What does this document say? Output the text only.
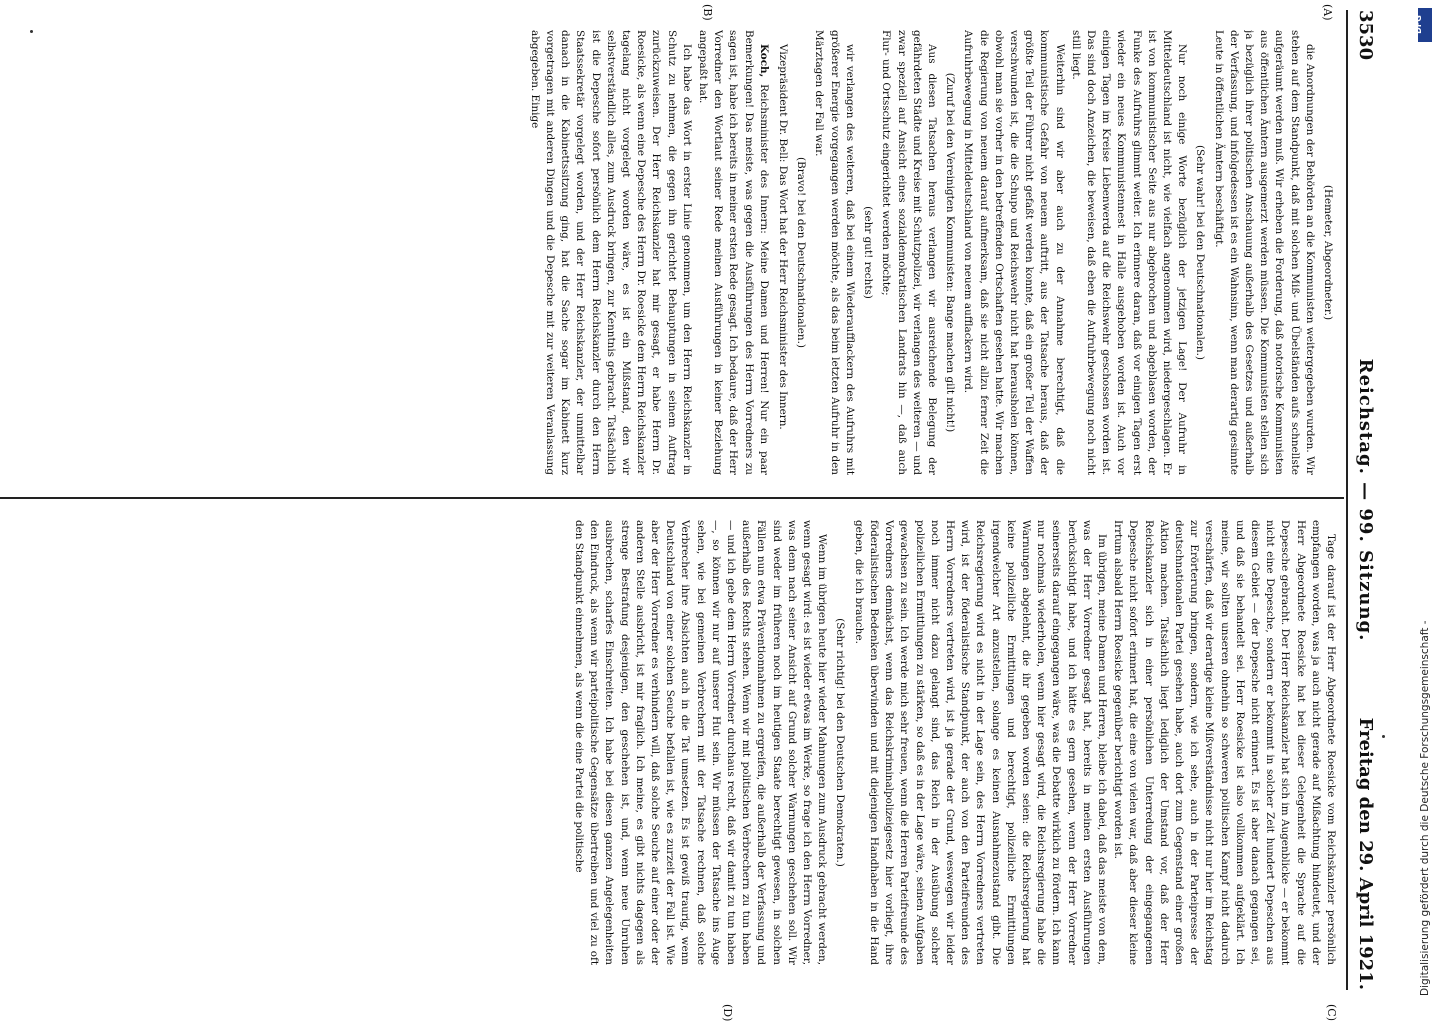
3530
Reichstag. — 99. Sitzung.
Freitag den 29. April 1921.
(A)
(B)
(C)
(D)

(Hemeter, Abgeordneter.)

die Anordnungen der Behörden an die Kommunisten weitergegeben wurden. Wir stehen auf dem Standpunkt, daß mit solchen Miß- und Übelständen aufs schnellste aufgeräumt werden muß. Wir erheben die Forderung, daß notorische Kommunisten aus öffentlichen Ämtern ausgemerzt werden müssen. Die Kommunisten stellen sich ja bezüglich ihrer politischen Anschauung außerhalb des Gesetzes und außerhalb der Verfassung, und infolgedessen ist es ein Wahnsinn, wenn man derartig gesinnte Leute in öffentlichen Ämtern beschäftigt.

(Sehr wahr! bei den Deutschnationalen.)

Nur noch einige Worte bezüglich der jetzigen Lage! Der Aufruhr in Mitteldeutschland ist nicht, wie vielfach angenommen wird, niedergeschlagen. Er ist von kommunistischer Seite aus nur abgebrochen und abgeblasen worden, der Funke des Aufruhrs glimmt weiter. Ich erinnere daran, daß vor einigen Tagen erst wieder ein neues Kommunistennest in Halle ausgehoben worden ist. Auch vor einigen Tagen im Kreise Liebenwerda auf die Reichswehr geschossen worden ist. Das sind doch Anzeichen, die beweisen, daß eben die Aufruhrbewegung noch nicht still liegt.

Weiterhin sind wir aber auch zu der Annahme berechtigt, daß die kommunistische Gefahr von neuem auftritt, aus der Tatsache heraus, daß der größte Teil der Führer nicht gefaßt werden konnte, daß ein großer Teil der Waffen verschwunden ist, die die Schupo und Reichswehr nicht hat herausholen können, obwohl man sie vorher in den betreffenden Ortschaften gesehen hatte. Wir machen die Regierung von neuem darauf aufmerksam, daß sie nicht allzu ferner Zeit die Aufruhrbewegung in Mitteldeutschland von neuem aufflackern wird.

(Zuruf bei den Vereinigten Kommunisten: Bange machen gilt nicht!)

Aus diesen Tatsachen heraus verlangen wir ausreichende Belegung der gefährdeten Städte und Kreise mit Schutzpolizei, wir verlangen des weiteren — und zwar speziell auf Ansicht eines sozialdemokratischen Landrats hin —, daß auch Flur- und Ortsschutz eingerichtet werden möchte;

(sehr gut! rechts)

wir verlangen des weiteren, daß bei einem Wiederaufflackern des Aufruhrs mit größerer Energie vorgegangen werden möchte, als das beim letzten Aufruhr in den Märztagen der Fall war.

(Bravo! bei den Deutschnationalen.)

Vizepräsident Dr. Bell: Das Wort hat der Herr Reichsminister des Innern.

Koch, Reichsminister des Innern: Meine Damen und Herren! Nur ein paar Bemerkungen! Das meiste, was gegen die Ausführungen des Herrn Vorredners zu sagen ist, habe ich bereits in meiner ersten Rede gesagt. Ich bedaure, daß der Herr Vorredner den Wortlaut seiner Rede meinen Ausführungen in keiner Beziehung angepaßt hat.

Ich habe das Wort in erster Linie genommen, um den Herrn Reichskanzler in Schutz zu nehmen, die gegen ihn gerichtet Behauptungen in seinem Auftrag zurückzuweisen. Der Herr Reichskanzler hat mir gesagt, er habe Herrn Dr. Roesicke, als wenn eine Depesche des Herrn Dr. Roesicke dem Herrn Reichskanzler tagelang nicht vorgelegt worden wäre, es ist ein Mißstand, den wir selbstverständlich alles, zum Ausdruck bringen, zur Kenntnis gebracht. Tatsächlich ist die Depesche sofort persönlich dem Herrn Reichskanzler durch den Herrn Staatssekretär vorgelegt worden, und der Herr Reichskanzler, der unmittelbar danach in die Kabinettssitzung ging, hat die Sache sogar im Kabinett kurz vorgetragen mit anderen Dingen und die Depesche mit zur weiteren Veranlassung abgegeben. Einige

Tage darauf ist der Herr Abgeordnete Roesicke vom Reichskanzler persönlich empfangen worden, was ja auch nicht gerade auf Mißachtung hindeutet, und der Herr Abgeordnete Roesicke hat bei dieser Gelegenheit die Sprache auf die Depesche gebracht. Der Herr Reichskanzler hat sich im Augenblicke — er bekommt nicht eine Depesche, sondern er bekommt in solcher Zeit hundert Depeschen aus diesem Gebiet — der Depesche nicht erinnert. Es ist aber danach gegangen sei, und daß sie behandelt sei. Herr Roesicke ist also vollkommen aufgeklärt. Ich meine, wir sollten unseren ohnehin so schweren politischen Kampf nicht dadurch verschärfen, daß wir derartige kleine Mißverständnisse nicht nur hier im Reichstag zur Erörterung bringen, sondern, wie ich sehe, auch in der Parteipresse der deutschnationalen Partei gesehen habe, auch dort zum Gegenstand einer großen Aktion machen. Tatsächlich liegt lediglich der Umstand vor, daß der Herr Reichskanzler sich in einer persönlichen Unterredung der eingegangenen Depesche nicht sofort erinnert hat, die eine von vielen war, daß aber dieser kleine Irrtum alsbald Herrn Roesicke gegenüber berichtigt worden ist.

Im übrigen, meine Damen und Herren, bleibe ich dabei, daß das meiste von dem, was der Herr Vorredner gesagt hat, bereits in meinen ersten Ausführungen berücksichtigt habe, und ich hätte es gern gesehen, wenn der Herr Vorredner seinerseits darauf eingegangen wäre, was die Debatte wirklich zu fördern. Ich kann nur nochmals wiederholen, wenn hier gesagt wird, die Reichsregierung habe die Warnungen abgelehnt, die ihr gegeben worden seien: die Reichsregierung hat keine polizeiliche Ermittlungen und berechtigt, polizeiliche Ermittlungen irgendwelcher Art anzustellen, solange es keinen Ausnahmezustand gibt. Die Reichsregierung wird es nicht in der Lage sein, des Herrn Vorredners vertreten wird, ist der föderalistische Standpunkt, der auch von den Parteifreunden des Herrn Vorredners vertreten wird, ist ja gerade der Grund, weswegen wir leider noch immer nicht dazu gelangt sind, das Reich in der Ausübung solcher polizeilichen Ermittlungen zu stärken, so daß es in der Lage wäre, seinen Aufgaben gewachsen zu sein. Ich werde mich sehr freuen, wenn die Herren Parteifreunde des Vorredners demnächst, wenn das Reichskriminalpolizeigesetz hier vorliegt, ihre föderalistischen Bedenken überwinden und mit diejenigen Handhaben in die Hand geben, die ich brauche.

(Sehr richtig! bei den Deutschen Demokraten.)

Wenn im übrigen heute hier wieder Mahnungen zum Ausdruck gebracht werden, wenn gesagt wird: es ist wieder etwas im Werke, so frage ich den Herrn Vorredner, was denn nach seiner Ansicht auf Grund solcher Warnungen geschehen soll. Wir sind weder im früheren noch im heutigen Staate berechtigt gewesen, in solchen Fällen nun etwa Präventionnahmen zu ergreifen, die außerhalb der Verfassung und außerhalb des Rechts stehen. Wenn wir mit politischen Verbrechern zu tun haben — und ich gebe dem Herrn Vorredner durchaus recht, daß wir damit zu tun haben —, so können wir nur auf unserer Hut sein. Wir müssen der Tatsache ins Auge sehen, wie bei gemeinen Verbrechern mit der Tatsache rechnen, daß solche Verbrecher ihre Absichten auch in die Tat umsetzen. Es ist gewiß traurig, wenn Deutschland von einer solchen Seuche befallen ist, wie es zurzeit der Fall ist. Wie aber der Herr Vorredner es verhindern will, daß solche Seuche auf einer oder der anderen Stelle ausbricht, ist mir fraglich. Ich meine, es gibt nichts dagegen als strenge Bestrafung desjenigen, den geschehen ist, und, wenn neue Unruhen ausbrechen, scharfes Einschreiten. Ich habe bei diesen ganzen Angelegenheiten den Eindruck, als wenn wir parteipolitische Gegensätze übertreiben und viel zu oft den Standpunkt einnehmen, als wenn die eine Partei die politische

DFG
Digitalisierung gefördert durch die Deutsche Forschungsgemeinschaft -
